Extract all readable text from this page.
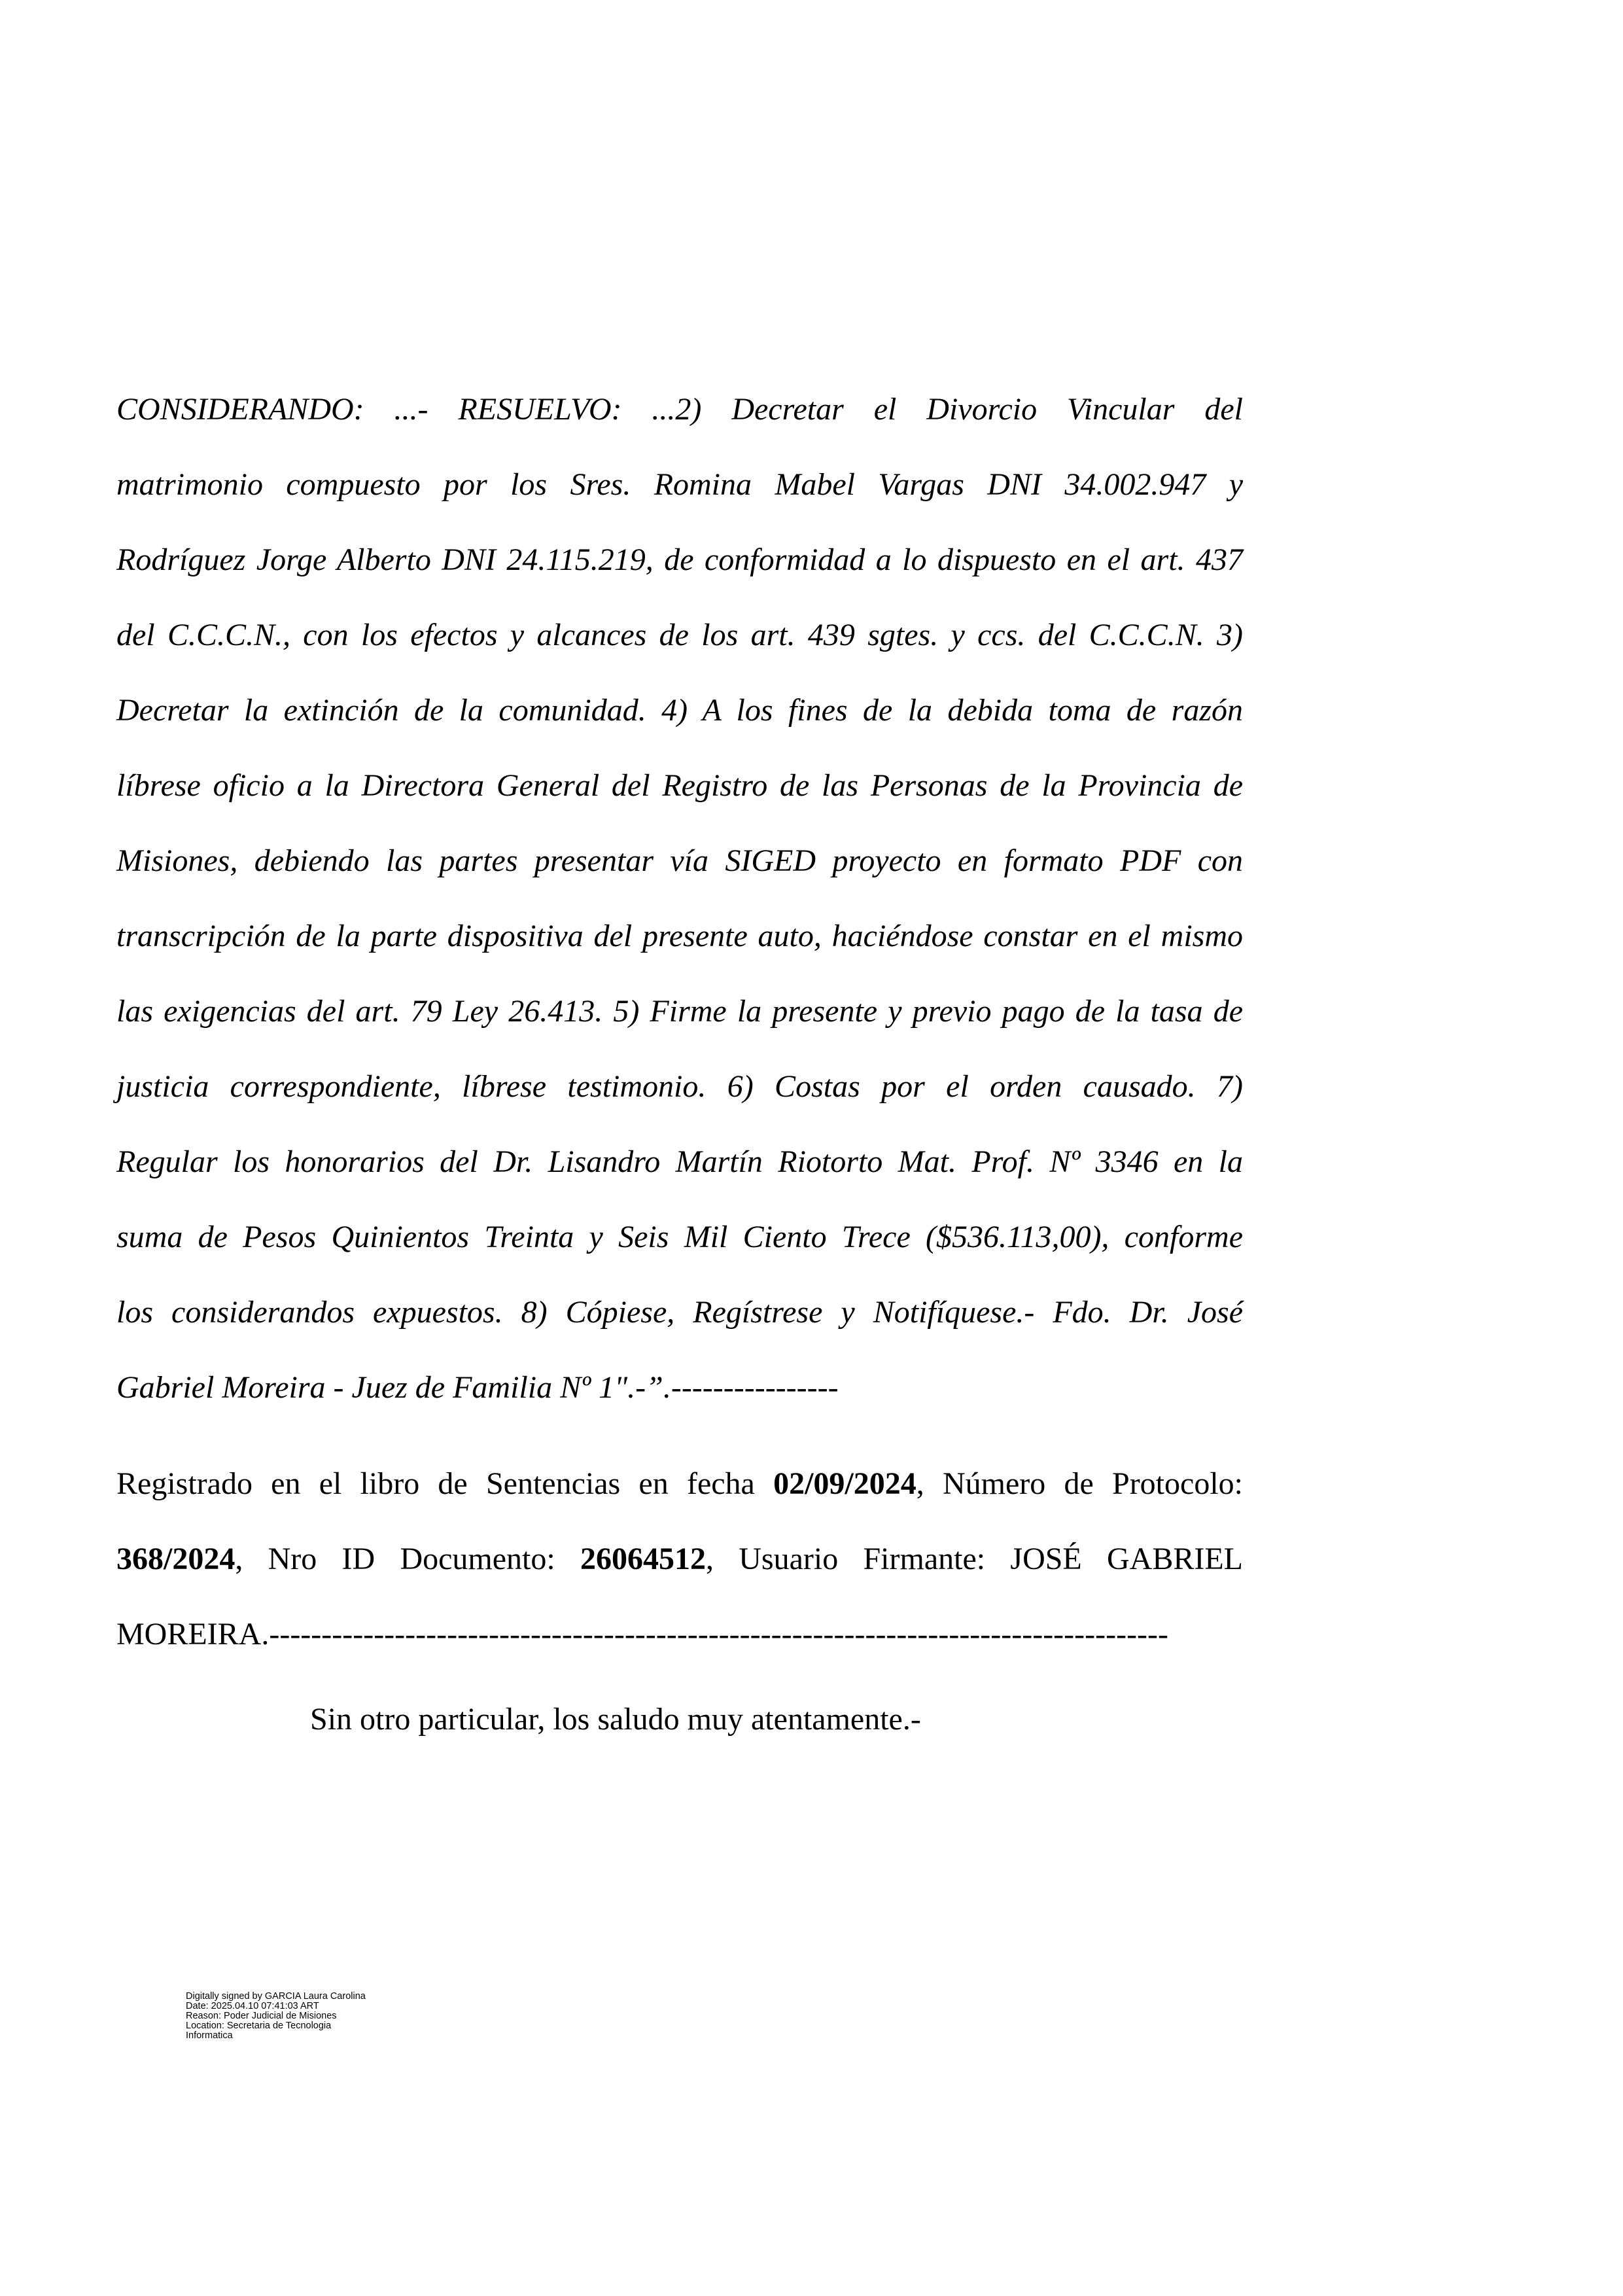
CONSIDERANDO: ...- RESUELVO: ...2) Decretar el Divorcio Vincular del
matrimonio compuesto por los Sres. Romina Mabel Vargas DNI 34.002.947 y
Rodríguez Jorge Alberto DNI 24.115.219, de conformidad a lo dispuesto en el art. 437
del C.C.C.N., con los efectos y alcances de los art. 439 sgtes. y ccs. del C.C.C.N. 3)
Decretar la extinción de la comunidad. 4) A los fines de la debida toma de razón
líbrese oficio a la Directora General del Registro de las Personas de la Provincia de
Misiones, debiendo las partes presentar vía SIGED proyecto en formato PDF con
transcripción de la parte dispositiva del presente auto, haciéndose constar en el mismo
las exigencias del art. 79 Ley 26.413. 5) Firme la presente y previo pago de la tasa de
justicia correspondiente, líbrese testimonio. 6) Costas por el orden causado. 7)
Regular los honorarios del Dr. Lisandro Martín Riotorto Mat. Prof. Nº 3346 en la
suma de Pesos Quinientos Treinta y Seis Mil Ciento Trece ($536.113,00), conforme
los considerandos expuestos. 8) Cópiese, Regístrese y Notifíquese.- Fdo. Dr. José
Gabriel Moreira - Juez de Familia Nº 1".-”.----------------
Registrado en el libro de Sentencias en fecha 02/09/2024, Número de Protocolo:
368/2024, Nro ID Documento: 26064512, Usuario Firmante: JOSÉ GABRIEL
MOREIRA.--------------------------------------------------------------------------------------
Sin otro particular, los saludo muy atentamente.-
Digitally signed by GARCIA Laura Carolina
Date: 2025.04.10 07:41:03 ART
Reason: Poder Judicial de Misiones
Location: Secretaria de Tecnologia
Informatica
